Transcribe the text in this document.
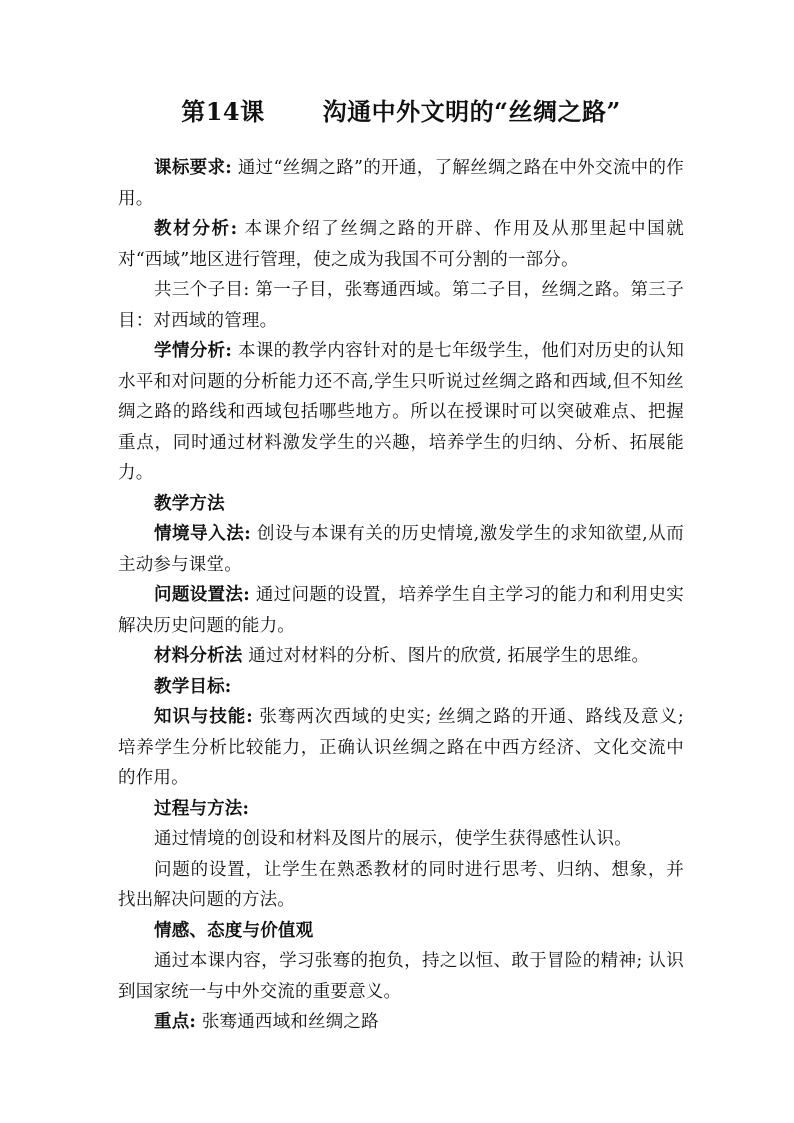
第14课 沟通中外文明的“丝绸之路”

课标要求: 通过“丝绸之路”的开通，了解丝绸之路在中外交流中的作用。

教材分析: 本课介绍了丝绸之路的开辟、作用及从那里起中国就对“西域”地区进行管理，使之成为我国不可分割的一部分。

共三个子目: 第一子目，张骞通西域。第二子目，丝绸之路。第三子目：对西域的管理。

学情分析: 本课的教学内容针对的是七年级学生，他们对历史的认知水平和对问题的分析能力还不高,学生只听说过丝绸之路和西域,但不知丝绸之路的路线和西域包括哪些地方。所以在授课时可以突破难点、把握重点，同时通过材料激发学生的兴趣，培养学生的归纳、分析、拓展能力。

教学方法

情境导入法: 创设与本课有关的历史情境,激发学生的求知欲望,从而主动参与课堂。

问题设置法: 通过问题的设置，培养学生自主学习的能力和利用史实解决历史问题的能力。

材料分析法 通过对材料的分析、图片的欣赏, 拓展学生的思维。

教学目标:

知识与技能: 张骞两次西域的史实; 丝绸之路的开通、路线及意义; 培养学生分析比较能力，正确认识丝绸之路在中西方经济、文化交流中的作用。

过程与方法:

通过情境的创设和材料及图片的展示，使学生获得感性认识。

问题的设置，让学生在熟悉教材的同时进行思考、归纳、想象，并找出解决问题的方法。

情感、态度与价值观

通过本课内容，学习张骞的抱负，持之以恒、敢于冒险的精神; 认识到国家统一与中外交流的重要意义。

重点: 张骞通西域和丝绸之路
